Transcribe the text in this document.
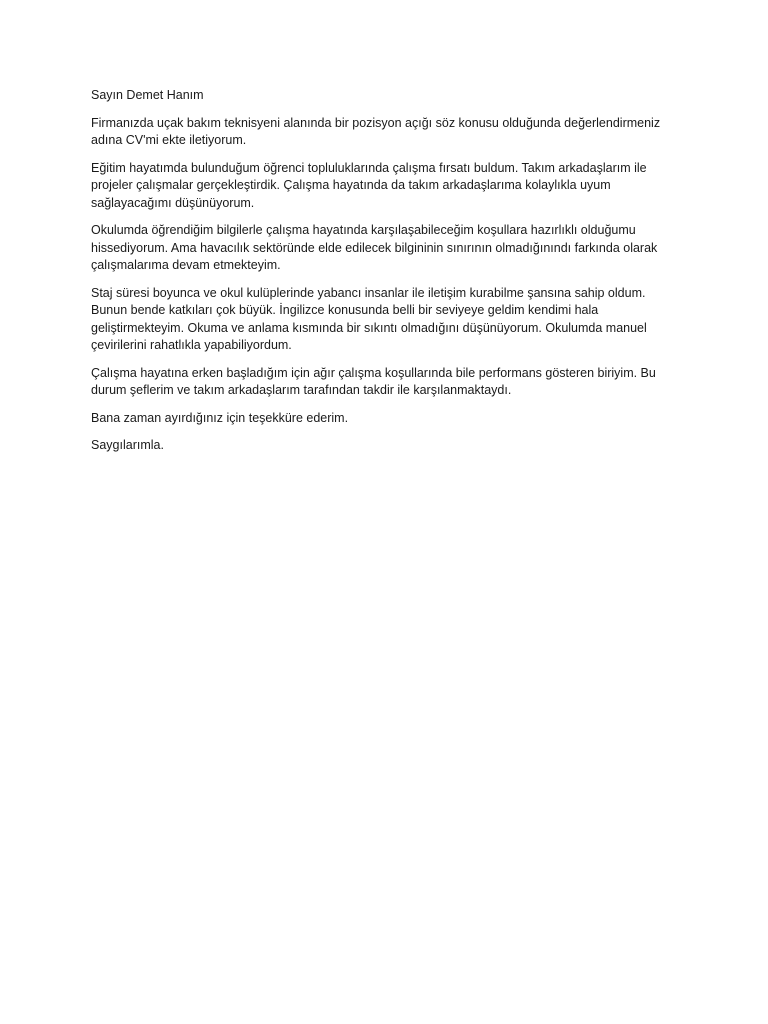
Sayın Demet Hanım

Firmanızda uçak bakım teknisyeni alanında bir pozisyon açığı söz konusu olduğunda değerlendirmeniz adına CV'mi ekte iletiyorum.

Eğitim hayatımda bulunduğum öğrenci topluluklarında çalışma fırsatı buldum. Takım arkadaşlarım ile projeler çalışmalar gerçekleştirdik. Çalışma hayatında da takım arkadaşlarıma kolaylıkla uyum sağlayacağımı düşünüyorum.

Okulumda öğrendiğim bilgilerle çalışma hayatında karşılaşabileceğim koşullara hazırlıklı olduğumu hissediyorum. Ama havacılık sektöründe elde edilecek bilgininin sınırının olmadığınındı farkında olarak çalışmalarıma devam etmekteyim.

Staj süresi boyunca ve okul kulüplerinde yabancı insanlar ile iletişim kurabilme şansına sahip oldum. Bunun bende katkıları çok büyük. İngilizce konusunda belli bir seviyeye geldim kendimi hala geliştirmekteyim. Okuma ve anlama kısmında bir sıkıntı olmadığını düşünüyorum. Okulumda manuel çevirilerini rahatlıkla yapabiliyordum.

Çalışma hayatına erken başladığım için ağır çalışma koşullarında bile performans gösteren biriyim. Bu durum şeflerim ve takım arkadaşlarım tarafından takdir ile karşılanmaktaydı.

Bana zaman ayırdığınız için teşekküre ederim.

Saygılarımla.
